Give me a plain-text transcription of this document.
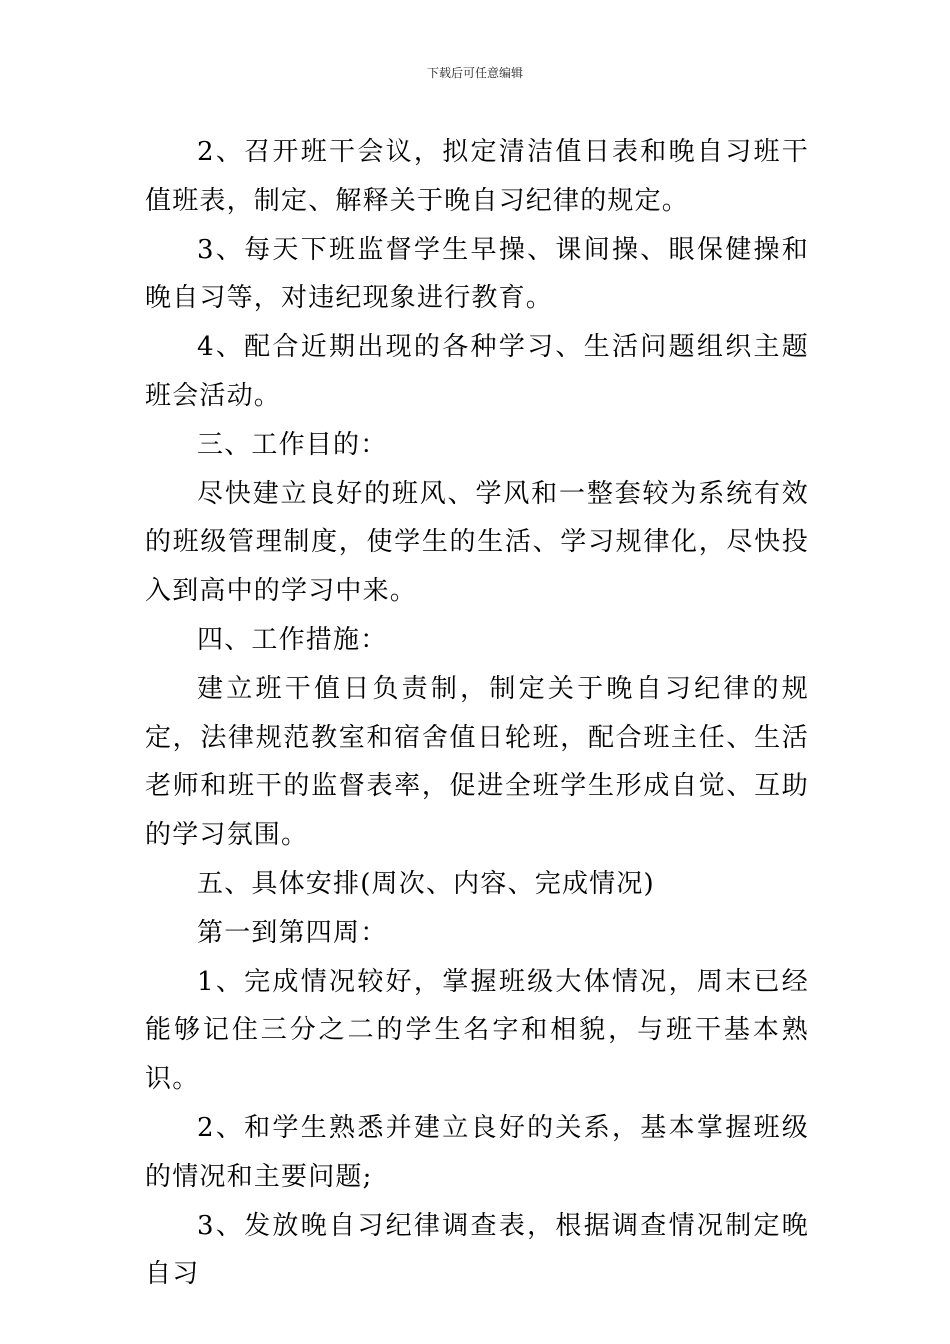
下载后可任意编辑

2、召开班干会议，拟定清洁值日表和晚自习班干值班表，制定、解释关于晚自习纪律的规定。

3、每天下班监督学生早操、课间操、眼保健操和晚自习等，对违纪现象进行教育。

4、配合近期出现的各种学习、生活问题组织主题班会活动。

三、工作目的：

尽快建立良好的班风、学风和一整套较为系统有效的班级管理制度，使学生的生活、学习规律化，尽快投入到高中的学习中来。

四、工作措施：

建立班干值日负责制，制定关于晚自习纪律的规定，法律规范教室和宿舍值日轮班，配合班主任、生活老师和班干的监督表率，促进全班学生形成自觉、互助的学习氛围。

五、具体安排(周次、内容、完成情况)

第一到第四周：

1、完成情况较好，掌握班级大体情况，周末已经能够记住三分之二的学生名字和相貌，与班干基本熟识。

2、和学生熟悉并建立良好的关系，基本掌握班级的情况和主要问题;

3、发放晚自习纪律调查表，根据调查情况制定晚自习
